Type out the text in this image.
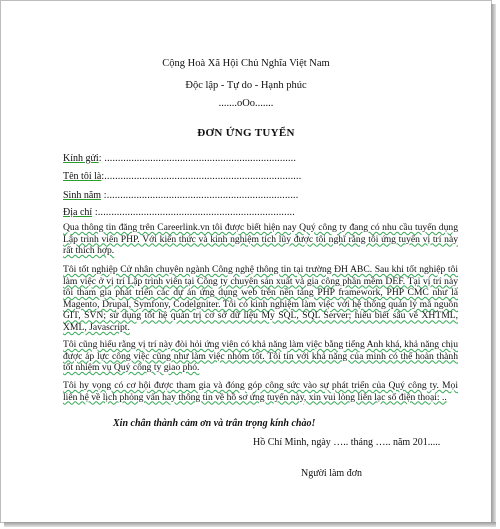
Cộng Hoà Xã Hội Chủ Nghĩa Việt Nam
Độc lập - Tự do - Hạnh phúc
.......oOo.......
ĐƠN ỨNG TUYỂN
Kính gửi: .......................................................................
Tên tôi là:.........................................................................
Sinh năm :.......................................................................
Địa chỉ :.........................................................................
Qua thông tin đăng trên Careerlink.vn tôi được biết hiện nay Quý công ty đang có nhu cầu tuyển dụng Lập trình viên PHP. Với kiến thức và kinh nghiệm tích lũy được tôi nghĩ rằng tôi ứng tuyển vị trí này rất thích hợp.
Tôi tốt nghiệp Cử nhân chuyên ngành Công nghệ thông tin tại trường ĐH ABC. Sau khi tốt nghiệp tôi làm việc ở vị trí Lập trình viên tại Công ty chuyên sản xuất và gia công phần mềm DEF. Tại vị trí này tôi tham gia phát triển các dự án ứng dụng web trên nền tảng PHP framework, PHP CMC như là Magento, Drupal, Symfony, Codelgniter. Tôi có kinh nghiệm làm việc với hệ thống quản lý mã nguồn GIT, SVN; sử dụng tốt hệ quản trị cơ sở dữ liệu My SQL, SQL Server; hiểu biết sâu về XHTML, XML, Javascript.
Tôi cũng hiểu rằng vị trí này đòi hỏi ứng viên có khả năng làm việc bằng tiếng Anh khá, khả năng chịu được áp lực công việc cũng như làm việc nhóm tốt. Tôi tin với khả năng của mình có thể hoàn thành tốt nhiệm vụ Quý công ty giao phó.
Tôi hy vọng có cơ hội được tham gia và đóng góp công sức vào sự phát triển của Quý công ty. Mọi liên hệ về lịch phỏng vấn hay thông tin về hồ sơ ứng tuyển này, xin vui lòng liên lạc số điện thoại: ..
Xin chân thành cảm ơn và trân trọng kính chào!
Hồ Chí Minh, ngày ….. tháng ….. năm 201.....
Người làm đơn
